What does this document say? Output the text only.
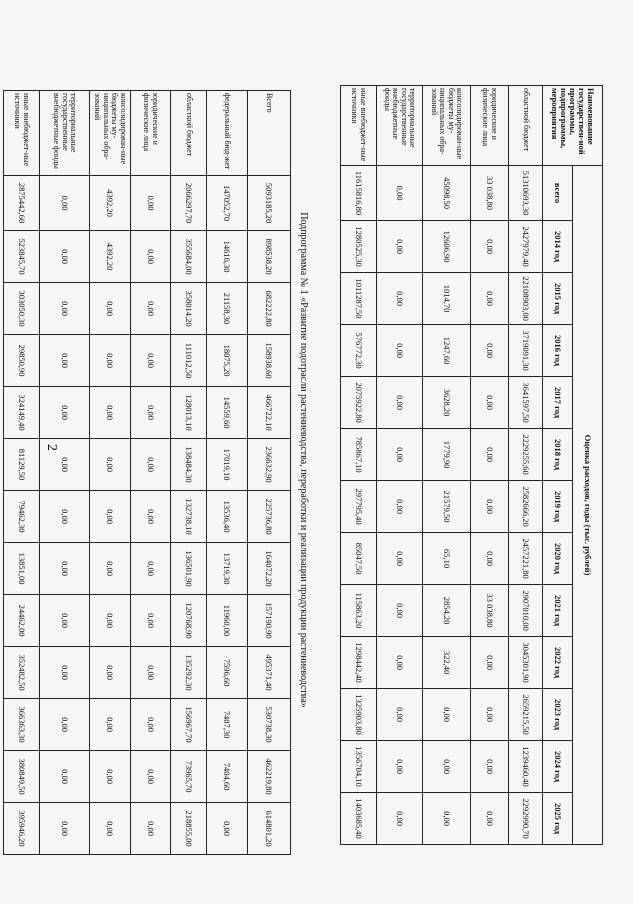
2
Наименование государствен-ной программы, подпрограммы, мероприятия	Оценка расходов, годы (тыс. рублей)												
	всего	2014 год	2015 год	2016 год	2017 год	2018 год	2019 год	2020 год	2021 год	2022 год	2023 год	2024 год	2025 год
областной бюджет	51310693,30	2427979,40	22108903,00	3719091,30	3641597,50	2229255,60	2582666,20	2457221,80	2907010,00	3045301,90	2659215,50	1239460,40	2292990,70
юридические и физические лица	33 038,80	0,00	0,00	0,00	0,00	0,00	0,00	0,00	33 038,80	0,00	0,00	0,00	0,00
консолидирован-ные бюджеты му-ниципальных обра-зований	45098,50	12606,90	1014,70	1247,60	3628,20	1779,90	21579,50	65,10	2854,20	322,40	0,00	0,00	0,00
территориальные государственные внебюджетные фонды	0,00	0,00	0,00	0,00	0,00	0,00	0,00	0,00	0,00	0,00	0,00	0,00	0,00
иные внебюджет-ные источники	11615816,80	1280525,30	1011287,50	576772,30	2075922,80	785867,10	297795,40	85047,50	115863,20	1298442,40	1325903,80	1356704,10	1403685,40
Подпрограмма № 1 «Развитие подотрасли растениеводства, переработки и реализации продукции растениеводства»
Всего	5093185,20	898538,20	682222,80	158938,60	466722,10	236632,90	225736,80	164072,20	157190,90	495371,40	530738,30	462219,80	614801,20
федеральный бюд-жет	147052,70	14616,30	21158,30	18075,20	14559,60	17019,10	13536,40	13719,30	11960,00	7596,60	7407,30	7404,60	0,00
областной бюджет	2066297,70	355684,00	358014,20	111012,50	128013,10	138484,30	132738,10	136501,90	120768,90	135292,30	156967,70	73965,70	218855,00
юридические и физические лица	0,00	0,00	0,00	0,00	0,00	0,00	0,00	0,00	0,00	0,00	0,00	0,00	0,00
консолидирован-ные бюджеты му-ниципальных обра-зований	4392,20	4392,20	0,00	0,00	0,00	0,00	0,00	0,00	0,00	0,00	0,00	0,00	0,00
территориальные государственные внебюджетные фонды	0,00	0,00	0,00	0,00	0,00	0,00	0,00	0,00	0,00	0,00	0,00	0,00	0,00
иные внебюджет-ные источники	2875442,60	523845,70	303050,30	29850,90	324149,40	81129,50	79462,30	13851,00	24462,00	352482,50	366363,30	380849,50	395946,20
